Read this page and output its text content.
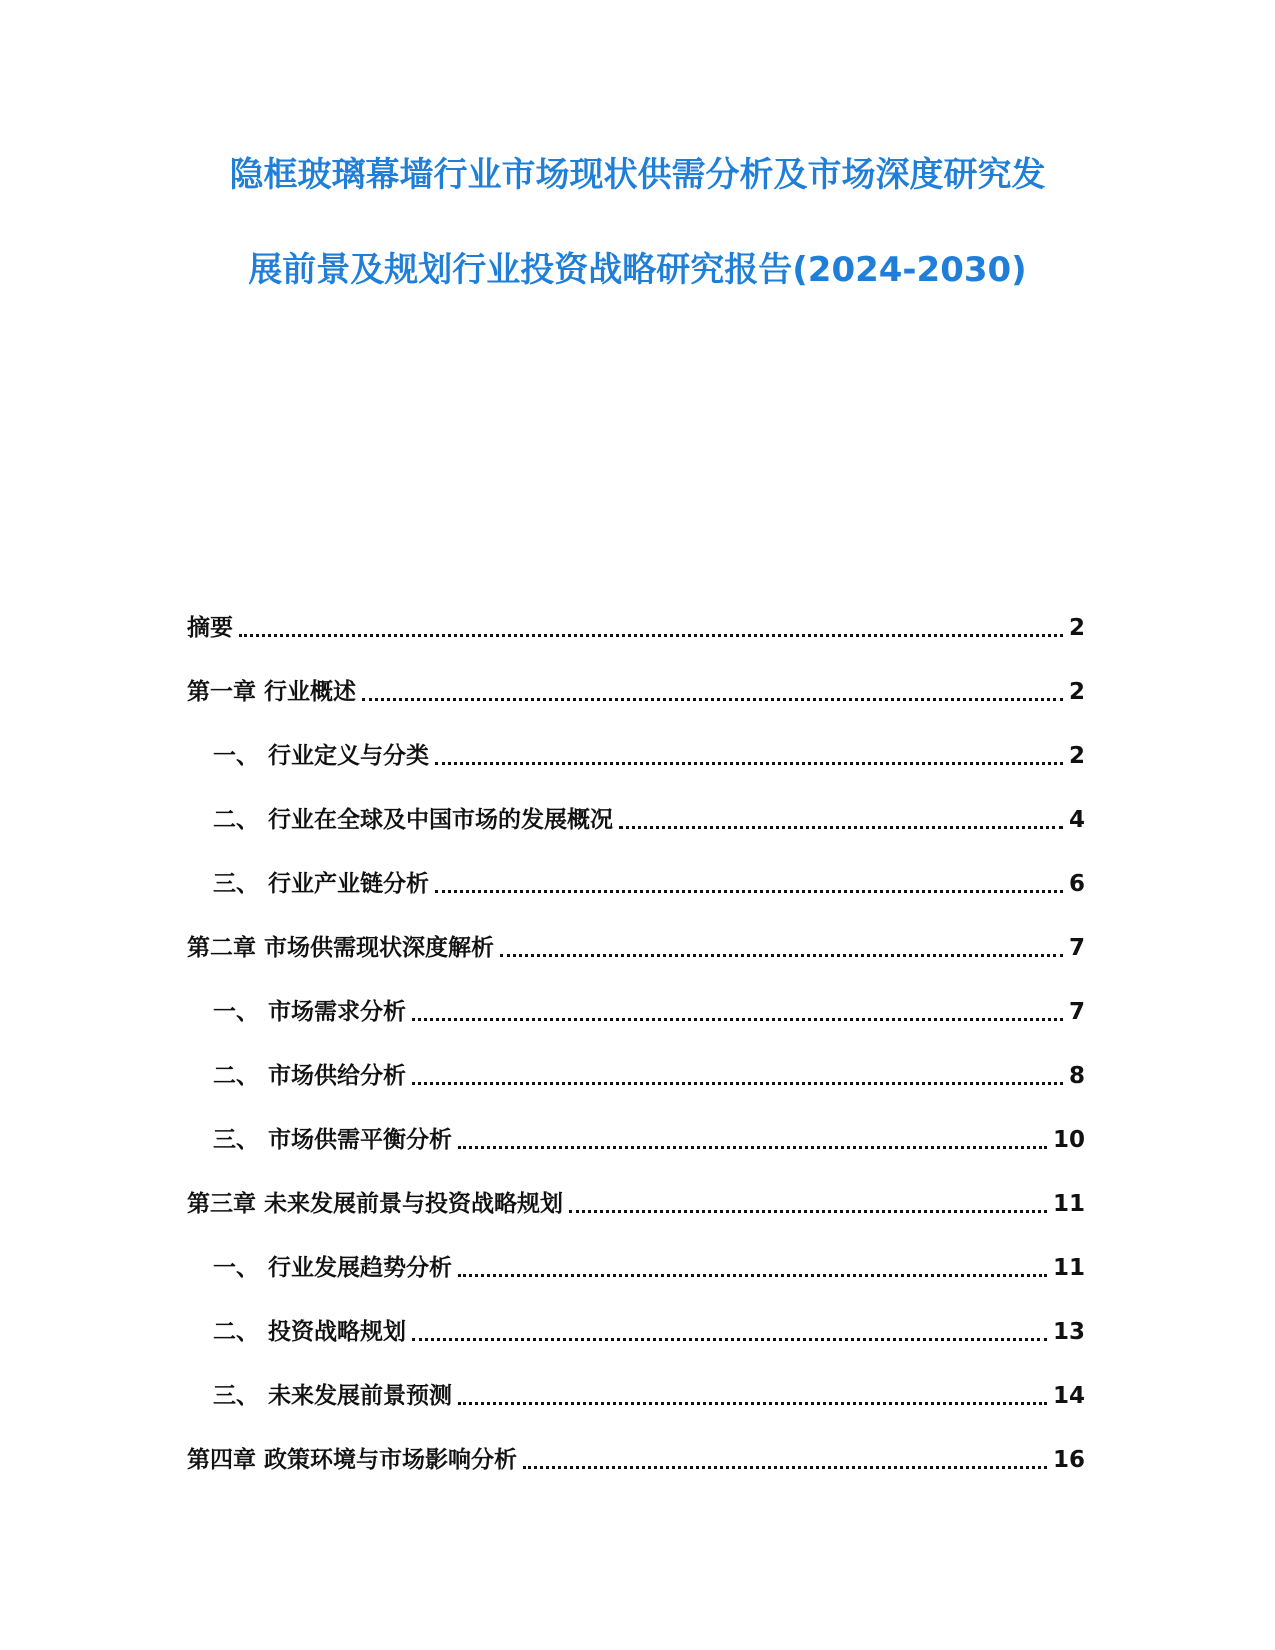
隐框玻璃幕墙行业市场现状供需分析及市场深度研究发
展前景及规划行业投资战略研究报告(2024-2030)
摘要	2
第一章 行业概述	2
一、 行业定义与分类	2
二、 行业在全球及中国市场的发展概况	4
三、 行业产业链分析	6
第二章 市场供需现状深度解析	7
一、 市场需求分析	7
二、 市场供给分析	8
三、 市场供需平衡分析	10
第三章 未来发展前景与投资战略规划	11
一、 行业发展趋势分析	11
二、 投资战略规划	13
三、 未来发展前景预测	14
第四章 政策环境与市场影响分析	16
